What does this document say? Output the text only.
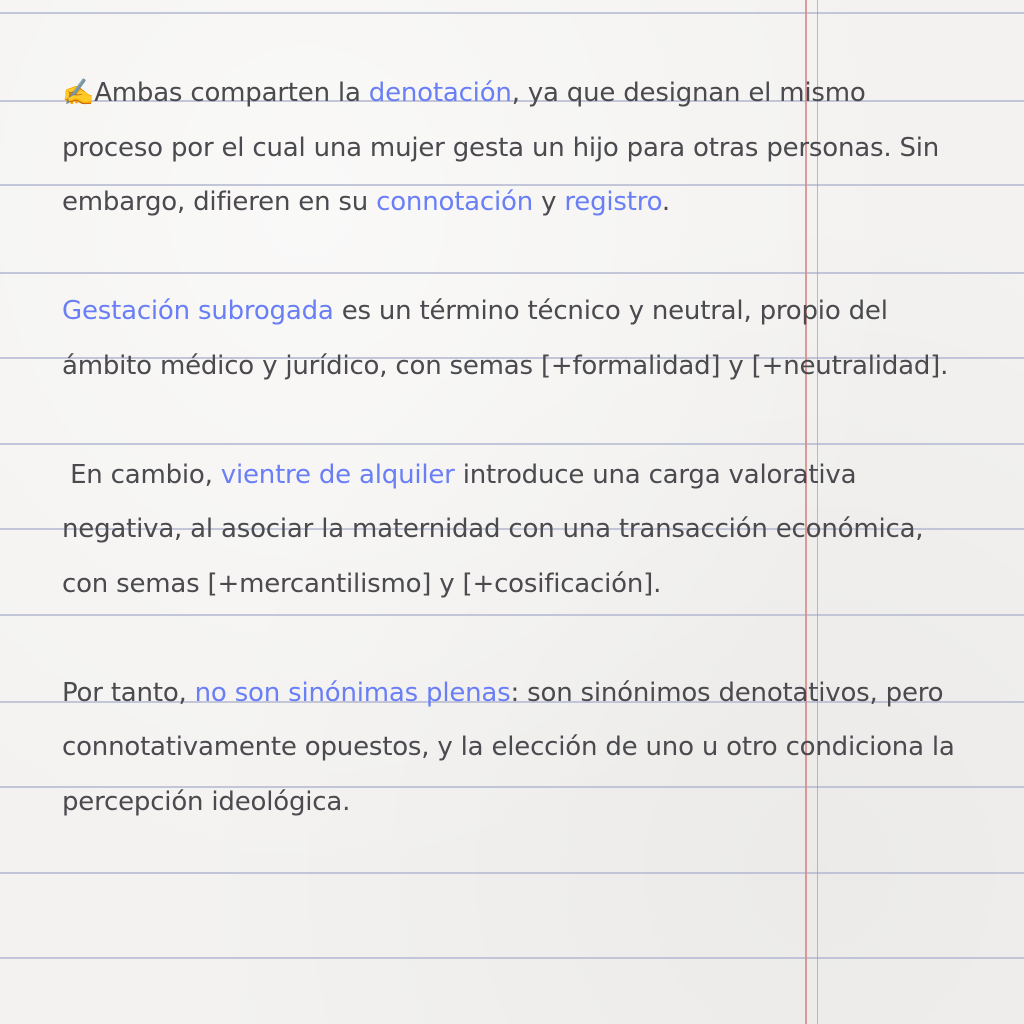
✍️Ambas comparten la denotación, ya que designan el mismo proceso por el cual una mujer gesta un hijo para otras personas. Sin embargo, difieren en su connotación y registro.

Gestación subrogada es un término técnico y neutral, propio del ámbito médico y jurídico, con semas [+formalidad] y [+neutralidad].

En cambio, vientre de alquiler introduce una carga valorativa negativa, al asociar la maternidad con una transacción económica, con semas [+mercantilismo] y [+cosificación].

Por tanto, no son sinónimas plenas: son sinónimos denotativos, pero connotativamente opuestos, y la elección de uno u otro condiciona la percepción ideológica.
